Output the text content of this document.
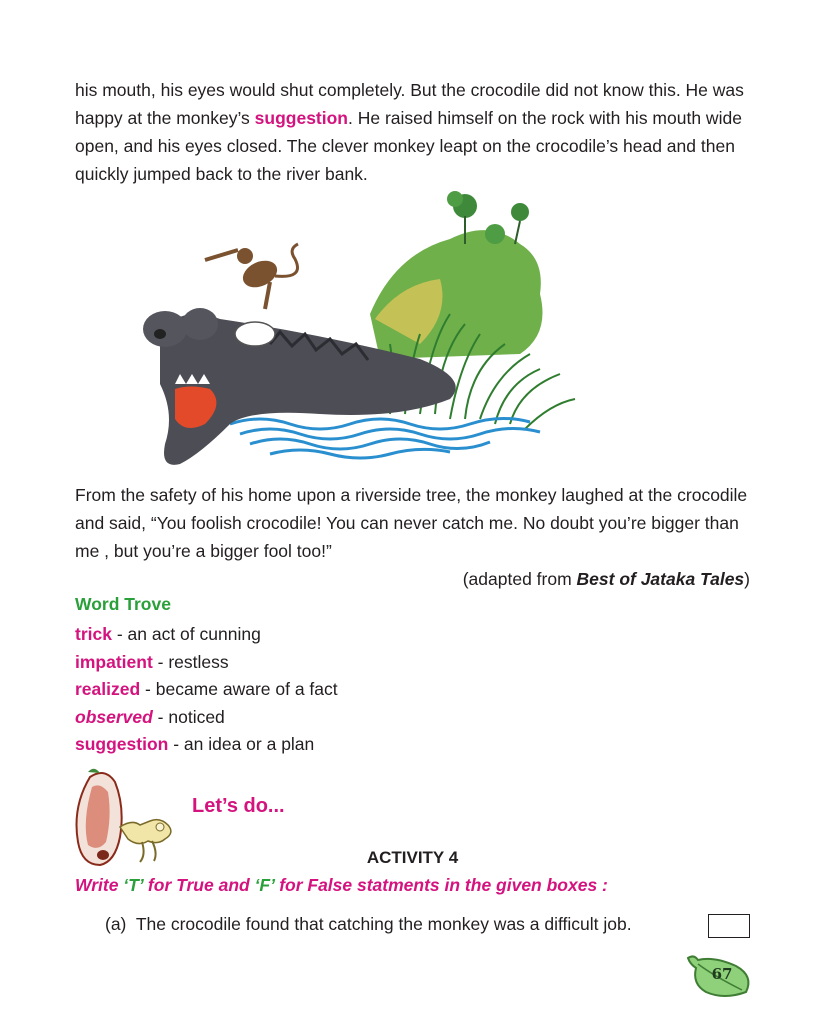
his mouth, his eyes would shut completely. But the crocodile did not know this. He was happy at the monkey’s suggestion. He raised himself on the rock with his mouth wide open, and his eyes closed. The clever monkey leapt on the crocodile’s head and then quickly jumped back to the river bank.

From the safety of his home upon a riverside tree, the monkey laughed at the crocodile and said, “You foolish crocodile! You can never catch me. No doubt you’re bigger than me , but you’re a bigger fool too!”

(adapted from Best of Jataka Tales)

Word Trove

trick - an act of cunning
impatient - restless
realized - became aware of a fact
observed - noticed
suggestion - an idea or a plan
Let’s do...
ACTIVITY 4
Write ‘T’ for True and ‘F’ for False statments in the given boxes :
(a) The crocodile found that catching the monkey was a difficult job.
67
